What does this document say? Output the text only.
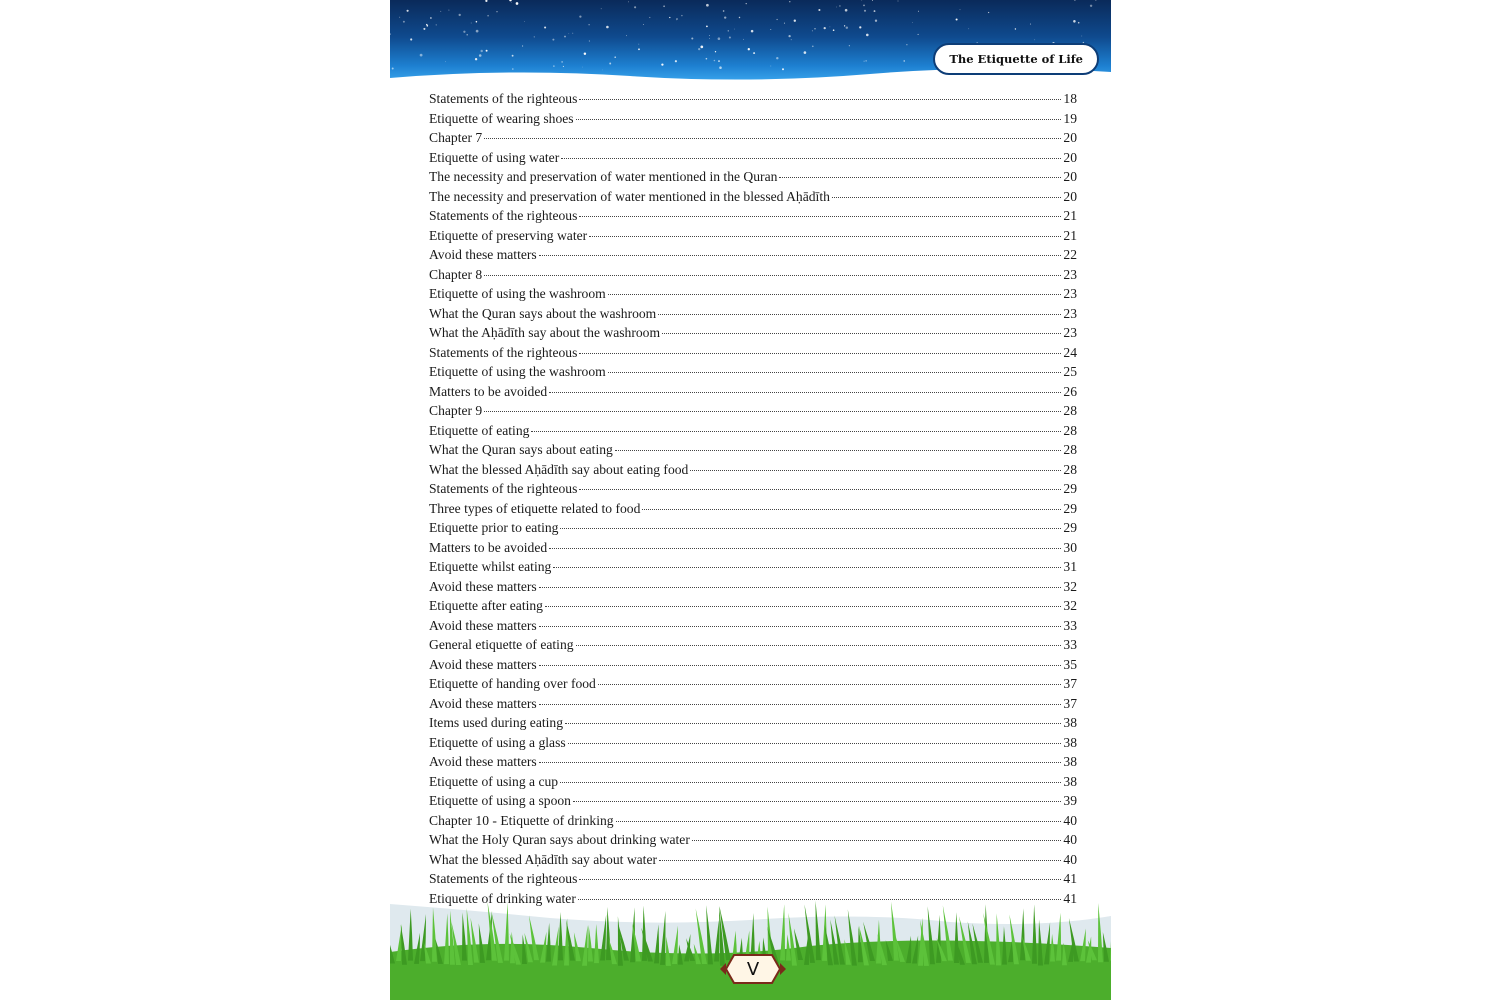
The Etiquette of Life
Statements of the righteous	18
Etiquette of wearing shoes	19
Chapter 7	20
Etiquette of using water	20
The necessity and preservation of water mentioned in the Quran	20
The necessity and preservation of water mentioned in the blessed Aḥādīth	20
Statements of the righteous	21
Etiquette of preserving water	21
Avoid these matters	22
Chapter 8	23
Etiquette of using the washroom	23
What the Quran says about the washroom	23
What the Aḥādīth say about the washroom	23
Statements of the righteous	24
Etiquette of using the washroom	25
Matters to be avoided	26
Chapter 9	28
Etiquette of eating	28
What the Quran says about eating	28
What the blessed Aḥādīth say about eating food	28
Statements of the righteous	29
Three types of etiquette related to food	29
Etiquette prior to eating	29
Matters to be avoided	30
Etiquette whilst eating	31
Avoid these matters	32
Etiquette after eating	32
Avoid these matters	33
General etiquette of eating	33
Avoid these matters	35
Etiquette of handing over food	37
Avoid these matters	37
Items used during eating	38
Etiquette of using a glass	38
Avoid these matters	38
Etiquette of using a cup	38
Etiquette of using a spoon	39
Chapter 10 - Etiquette of drinking	40
What the Holy Quran says about drinking water	40
What the blessed Aḥādīth say about water	40
Statements of the righteous	41
Etiquette of drinking water	41
V
